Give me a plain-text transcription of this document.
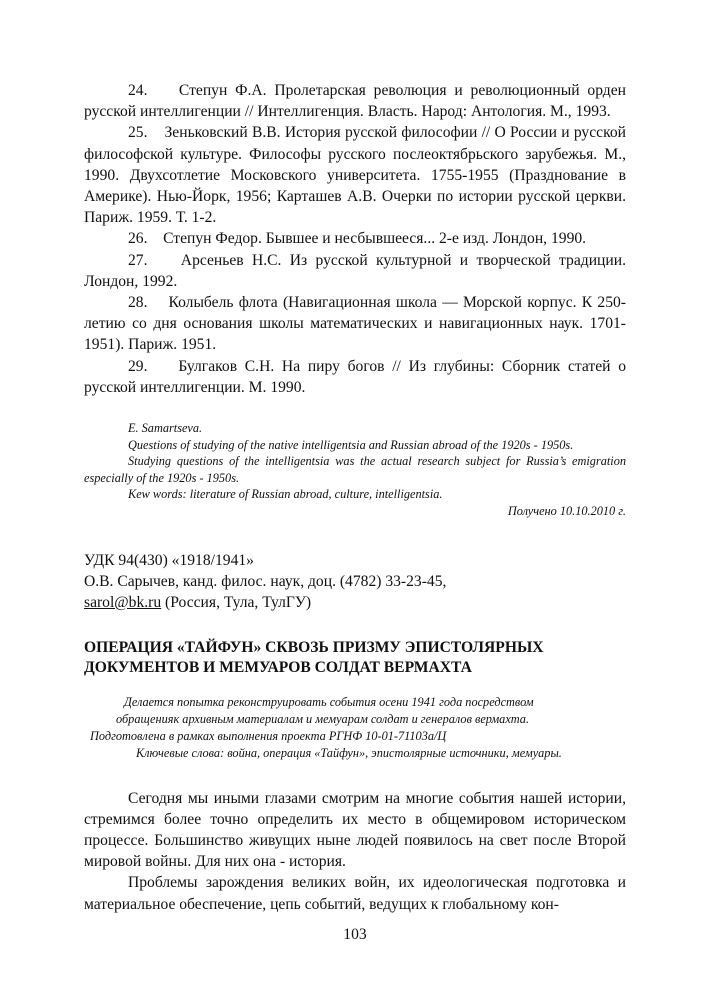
24.    Степун Ф.А. Пролетарская революция и революционный орден русской интеллигенции // Интеллигенция. Власть. Народ: Антология. М., 1993.

25.    Зеньковский В.В. История русской философии // О России и русской философской культуре. Философы русского послеоктябрьского зарубежья. М., 1990. Двухсотлетие Московского университета. 1755-1955 (Празднование в Америке). Нью-Йорк, 1956; Карташев А.В. Очерки по истории русской церкви. Париж. 1959. Т. 1-2.

26.    Степун Федор. Бывшее и несбывшееся... 2-е изд. Лондон, 1990.

27.    Арсеньев Н.С. Из русской культурной и творческой традиции. Лондон, 1992.

28.    Колыбель флота (Навигационная школа — Морской корпус. К 250-летию со дня основания школы математических и навигационных наук. 1701-1951). Париж. 1951.

29.    Булгаков С.Н. На пиру богов // Из глубины: Сборник статей о русской интеллигенции. М. 1990.

E. Samartseva.

Questions of studying of the native intelligentsia and Russian abroad of the 1920s - 1950s.

Studying questions of the intelligentsia was the actual research subject for Russia’s emigration especially of the 1920s - 1950s.

Kew words: literature of Russian abroad, culture, intelligentsia.

Получено 10.10.2010 г.

УДК 94(430) «1918/1941»
О.В. Сарычев, канд. филос. наук, доц. (4782) 33-23-45,
sarol@bk.ru (Россия, Тула, ТулГУ)
ОПЕРАЦИЯ «ТАЙФУН» СКВОЗЬ ПРИЗМУ ЭПИСТОЛЯРНЫХ
ДОКУМЕНТОВ И МЕМУАРОВ СОЛДАТ ВЕРМАХТА

Делается попытка реконструировать события осени 1941 года посредством

обращенияк архивным материалам и мемуарам солдат и генералов вермахта.

Подготовлена в рамках выполнения проекта РГНФ 10-01-71103а/Ц

Ключевые слова: война, операция «Тайфун», эпистолярные источники, мемуары.

Сегодня мы иными глазами смотрим на многие события нашей истории, стремимся более точно определить их место в общемировом историческом процессе. Большинство живущих ныне людей появилось на свет после Второй мировой войны. Для них она - история.

Проблемы зарождения великих войн, их идеологическая подготовка и материальное обеспечение, цепь событий, ведущих к глобальному кон-

103
